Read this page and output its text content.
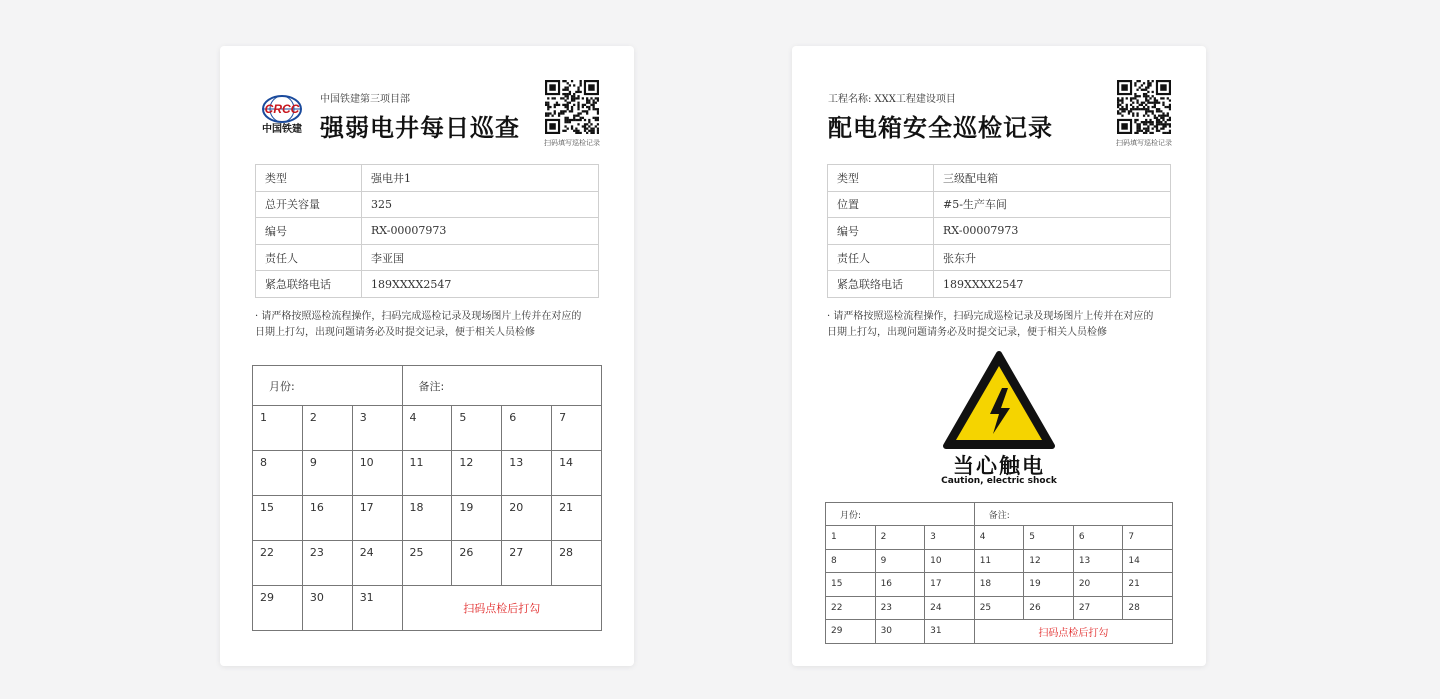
CRCC
中国铁建
中国铁建第三项目部
强弱电井每日巡查
扫码填写巡检记录
类型	强电井1
总开关容量	325
编号	RX-00007973
责任人	李亚国
紧急联络电话	189XXXX2547
· 请严格按照巡检流程操作，扫码完成巡检记录及现场图片上传并在对应的
日期上打勾，出现问题请务必及时提交记录，便于相关人员检修
月份:			备注:			
1	2	3	4	5	6	7
8	9	10	11	12	13	14
15	16	17	18	19	20	21
22	23	24	25	26	27	28
29	30	31	扫码点检后打勾			
工程名称: XXX工程建设项目
配电箱安全巡检记录
扫码填写巡检记录
类型	三级配电箱
位置	#5-生产车间
编号	RX-00007973
责任人	张东升
紧急联络电话	189XXXX2547
· 请严格按照巡检流程操作，扫码完成巡检记录及现场图片上传并在对应的
日期上打勾，出现问题请务必及时提交记录，便于相关人员检修
当心触电
Caution, electric shock
月份:			备注:			
1	2	3	4	5	6	7
8	9	10	11	12	13	14
15	16	17	18	19	20	21
22	23	24	25	26	27	28
29	30	31	扫码点检后打勾			
